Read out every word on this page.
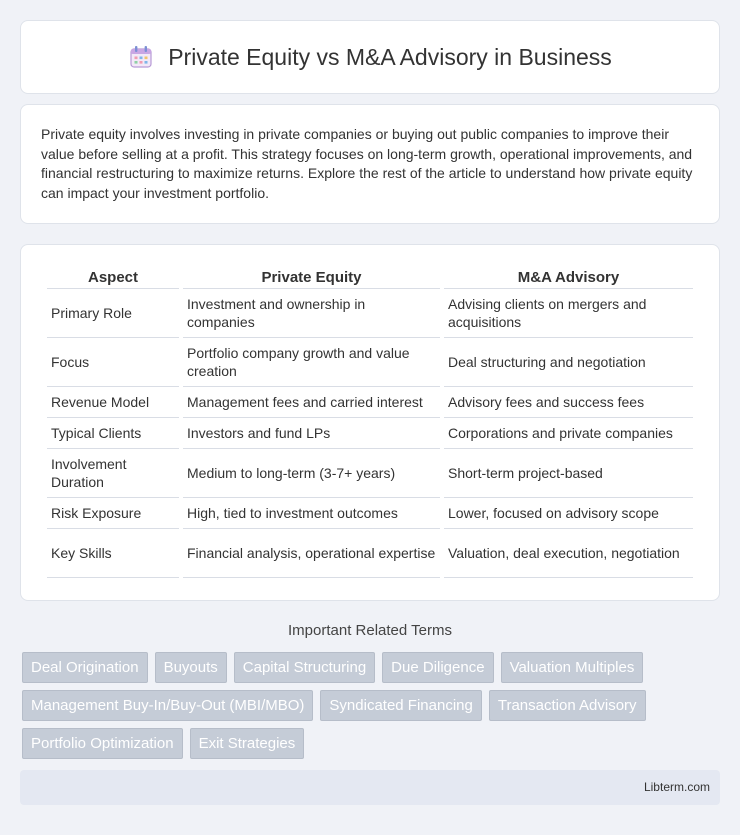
Private Equity vs M&A Advisory in Business

Private equity involves investing in private companies or buying out public companies to improve their value before selling at a profit. This strategy focuses on long-term growth, operational improvements, and financial restructuring to maximize returns. Explore the rest of the article to understand how private equity can impact your investment portfolio.

Aspect	Private Equity	M&A Advisory
Primary Role	Investment and ownership in companies	Advising clients on mergers and acquisitions
Focus	Portfolio company growth and value creation	Deal structuring and negotiation
Revenue Model	Management fees and carried interest	Advisory fees and success fees
Typical Clients	Investors and fund LPs	Corporations and private companies
Involvement Duration	Medium to long-term (3-7+ years)	Short-term project-based
Risk Exposure	High, tied to investment outcomes	Lower, focused on advisory scope
Key Skills	Financial analysis, operational expertise	Valuation, deal execution, negotiation
Important Related Terms
Deal Origination	Buyouts	Capital Structuring	Due Diligence	Valuation Multiples
Management Buy-In/Buy-Out (MBI/MBO)	Syndicated Financing	Transaction Advisory
Portfolio Optimization	Exit Strategies
Libterm.com
